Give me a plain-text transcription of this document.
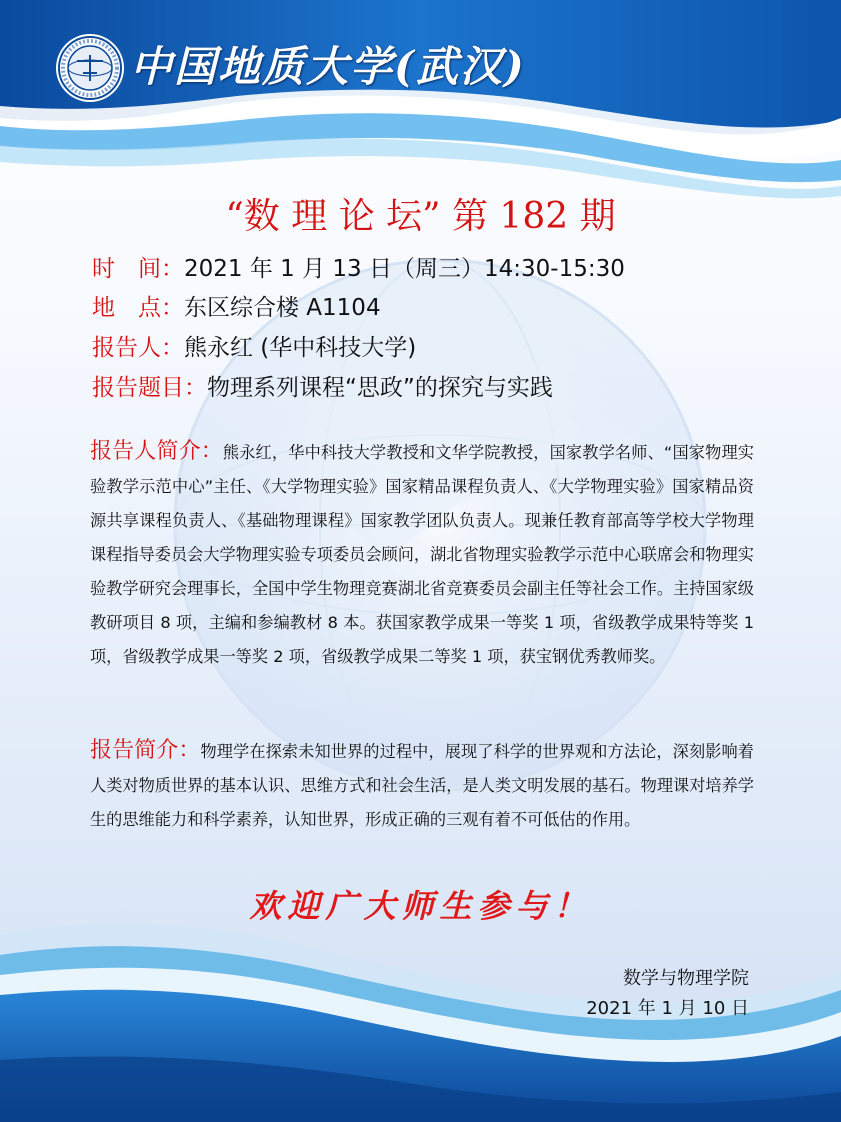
中国地质大学(武汉)
“数 理 论 坛” 第 182 期
时　间：2021 年 1 月 13 日（周三）14:30-15:30
地　点：东区综合楼 A1104
报告人：熊永红 (华中科技大学)
报告题目：物理系列课程“思政”的探究与实践
报告人简介：熊永红，华中科技大学教授和文华学院教授，国家教学名师、“国家物理实验教学示范中心”主任、《大学物理实验》国家精品课程负责人、《大学物理实验》国家精品资源共享课程负责人、《基础物理课程》国家教学团队负责人。现兼任教育部高等学校大学物理课程指导委员会大学物理实验专项委员会顾问，湖北省物理实验教学示范中心联席会和物理实验教学研究会理事长，全国中学生物理竞赛湖北省竞赛委员会副主任等社会工作。主持国家级教研项目 8 项，主编和参编教材 8 本。获国家教学成果一等奖 1 项，省级教学成果特等奖 1 项，省级教学成果一等奖 2 项，省级教学成果二等奖 1 项，获宝钢优秀教师奖。
报告简介：物理学在探索未知世界的过程中，展现了科学的世界观和方法论，深刻影响着人类对物质世界的基本认识、思维方式和社会生活，是人类文明发展的基石。物理课对培养学生的思维能力和科学素养，认知世界，形成正确的三观有着不可低估的作用。
欢迎广大师生参与！
数学与物理学院
2021 年 1 月 10 日
